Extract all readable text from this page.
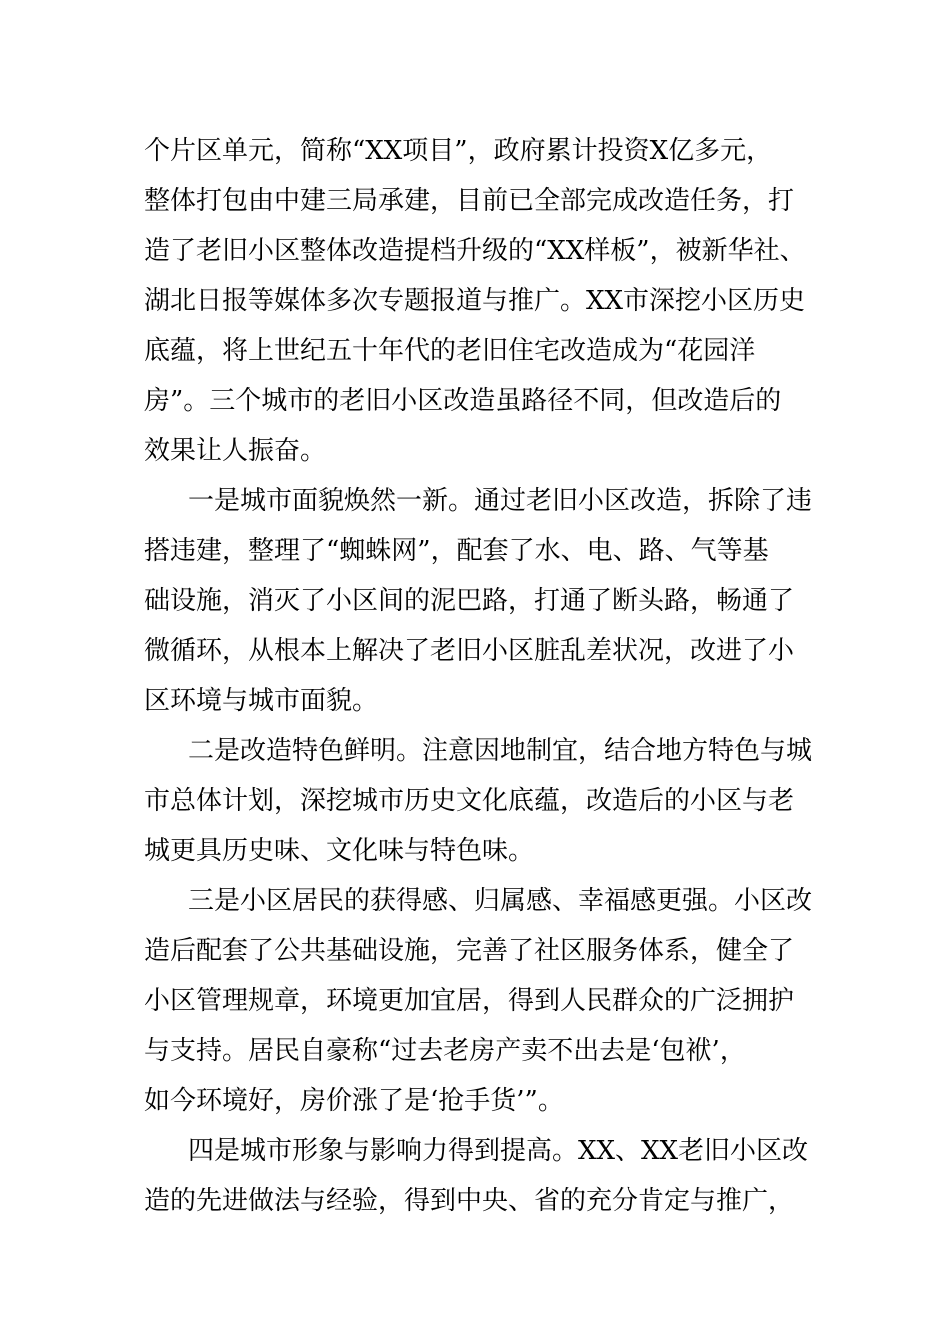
个片区单元，简称“XX项目”，政府累计投资X亿多元，
整体打包由中建三局承建，目前已全部完成改造任务，打
造了老旧小区整体改造提档升级的“XX样板”，被新华社、
湖北日报等媒体多次专题报道与推广。XX市深挖小区历史
底蕴，将上世纪五十年代的老旧住宅改造成为“花园洋
房”。三个城市的老旧小区改造虽路径不同，但改造后的
效果让人振奋。
一是城市面貌焕然一新。通过老旧小区改造，拆除了违
搭违建，整理了“蜘蛛网”，配套了水、电、路、气等基
础设施，消灭了小区间的泥巴路，打通了断头路，畅通了
微循环，从根本上解决了老旧小区脏乱差状况，改进了小
区环境与城市面貌。
二是改造特色鲜明。注意因地制宜，结合地方特色与城
市总体计划，深挖城市历史文化底蕴，改造后的小区与老
城更具历史味、文化味与特色味。
三是小区居民的获得感、归属感、幸福感更强。小区改
造后配套了公共基础设施，完善了社区服务体系，健全了
小区管理规章，环境更加宜居，得到人民群众的广泛拥护
与支持。居民自豪称“过去老房产卖不出去是‘包袱’，
如今环境好，房价涨了是‘抢手货’”。
四是城市形象与影响力得到提高。XX、XX老旧小区改
造的先进做法与经验，得到中央、省的充分肯定与推广，
